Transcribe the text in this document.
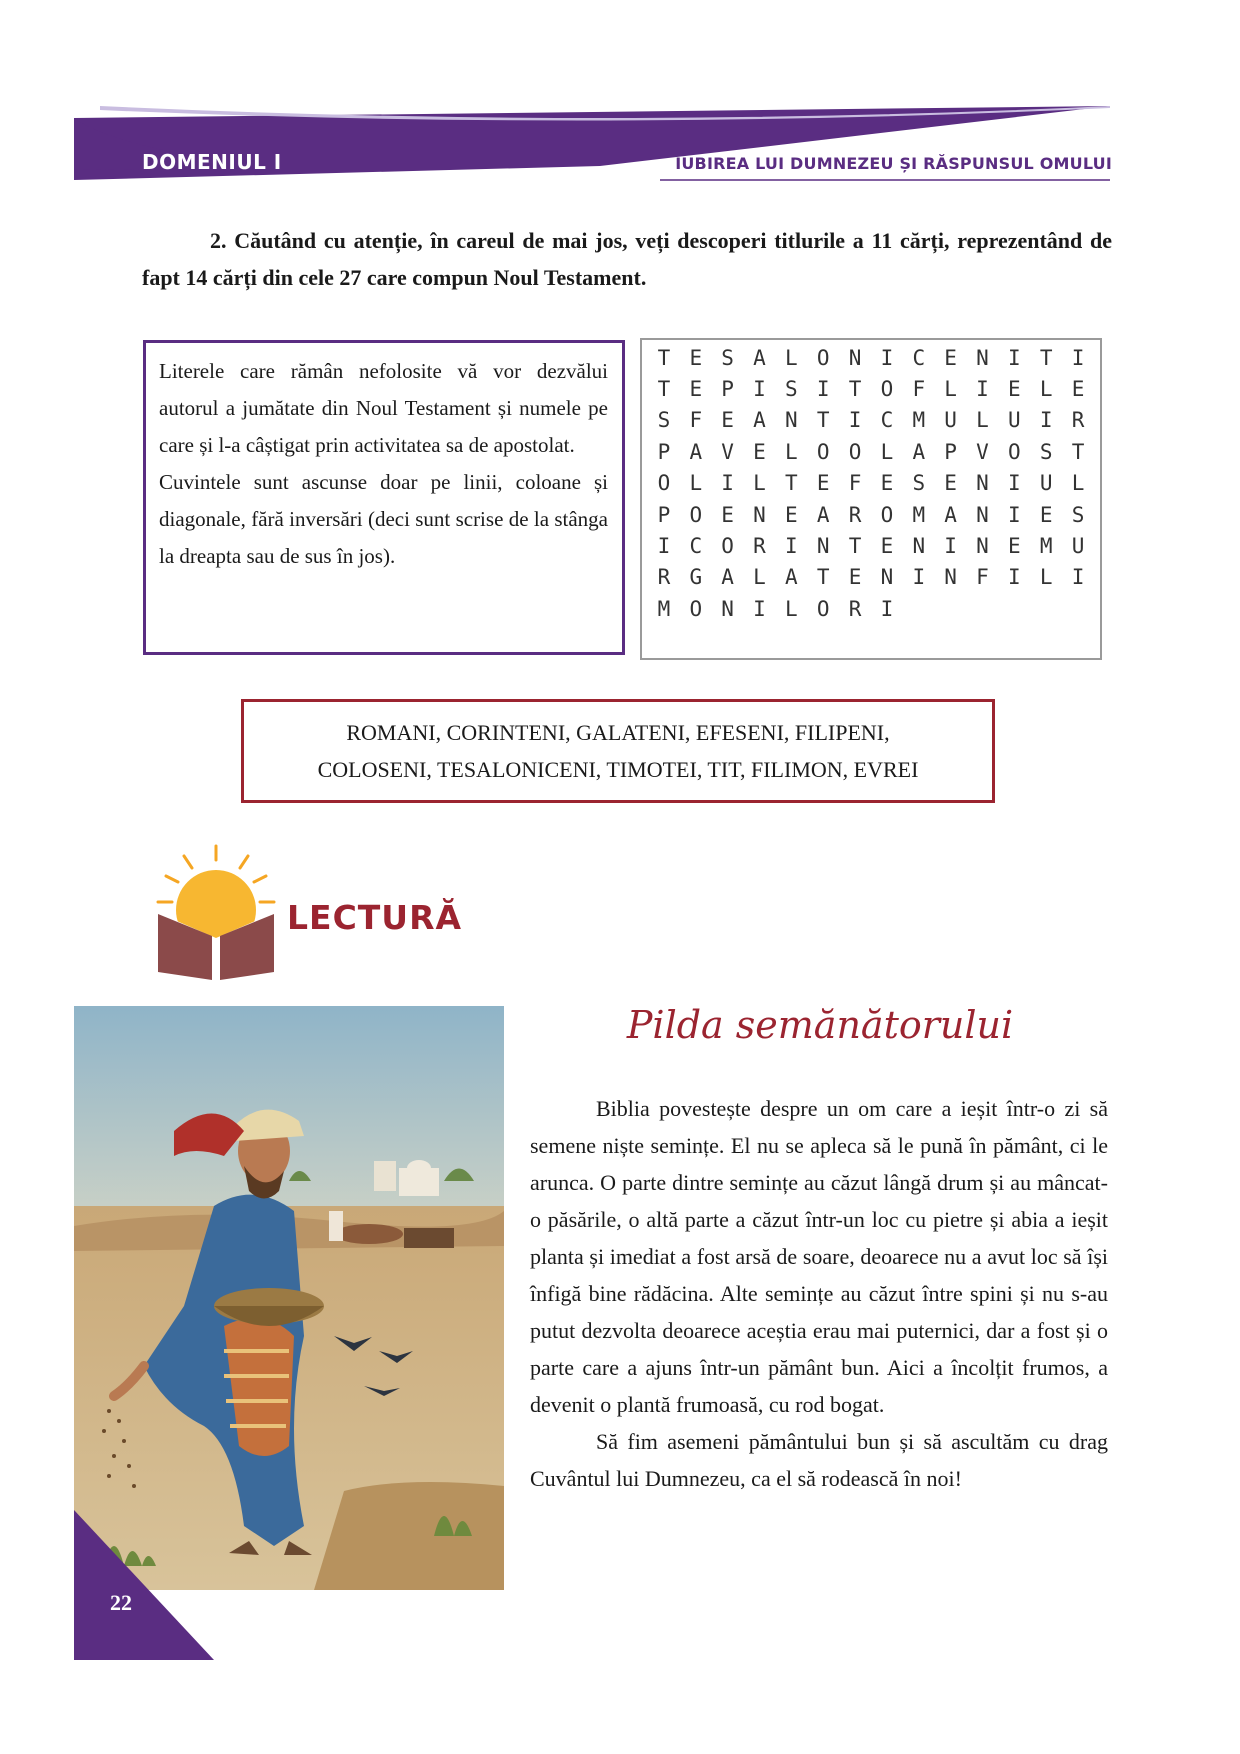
DOMENIUL I	IUBIREA LUI DUMNEZEU ȘI RĂSPUNSUL OMULUI
2. Căutând cu atenție, în careul de mai jos, veți descoperi titlurile a 11 cărți, reprezentând de fapt 14 cărți din cele 27 care compun Noul Testament.

Literele care rămân nefolosite vă vor dezvălui autorul a jumătate din Noul Testament și numele pe care și l-a câștigat prin activitatea sa de apostolat.

Cuvintele sunt ascunse doar pe linii, coloane și diagonale, fără inversări (deci sunt scrise de la stânga la dreapta sau de sus în jos).

T E S A L O N I C E N I T I
T E P I S I T O F L I E L E
S F E A N T I C M U L U I R
P A V E L O O L A P V O S T
O L I L T E F E S E N I U L
P O E N E A R O M A N I E S
I C O R I N T E N I N E M U
R G A L A T E N I N F I L I
M O N I L O R I
ROMANI, CORINTENI, GALATENI, EFESENI, FILIPENI,
COLOSENI, TESALONICENI, TIMOTEI, TIT, FILIMON, EVREI
LECTURĂ
Pilda semănătorului

Biblia povestește despre un om care a ieșit într-o zi să semene niște semințe. El nu se apleca să le pună în pământ, ci le arunca. O parte dintre semințe au căzut lângă drum și au mâncat-o păsările, o altă parte a căzut într-un loc cu pietre și abia a ieșit planta și imediat a fost arsă de soare, deoarece nu a avut loc să își înfigă bine rădăcina. Alte semințe au căzut între spini și nu s-au putut dezvolta deoarece aceștia erau mai puternici, dar a fost și o parte care a ajuns într-un pământ bun. Aici a încolțit frumos, a devenit o plantă frumoasă, cu rod bogat.

Să fim asemeni pământului bun și să ascultăm cu drag Cuvântul lui Dumnezeu, ca el să rodească în noi!

22
